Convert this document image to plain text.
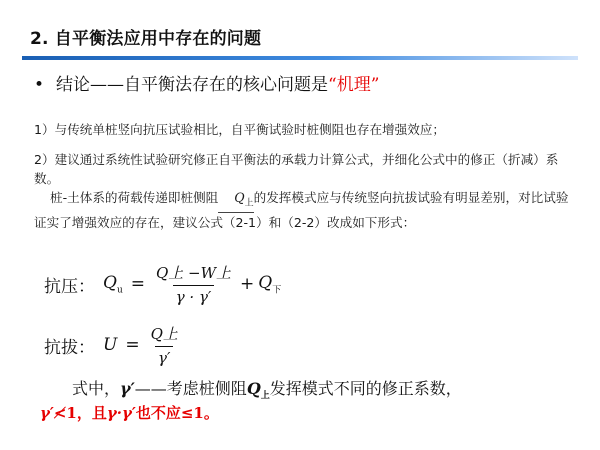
2. 自平衡法应用中存在的问题
• 结论——自平衡法存在的核心问题是“机理”
1）与传统单桩竖向抗压试验相比，自平衡试验时桩侧阻也存在增强效应；
2）建议通过系统性试验研究修正自平衡法的承载力计算公式，并细化公式中的修正（折减）系数。
桩-土体系的荷载传递即桩侧阻 $Q_上$的发挥模式应与传统竖向抗拔试验有明显差别，对比试验证实了增强效应的存在，建议公式（2-1）和（2-2）改成如下形式：
抗压： $Q_u = \frac{\text{Q上 −W上}}{\gamma \cdot \gamma'} + Q_下$
抗拔： $U = \frac{\text{Q上}}{\gamma'}$
式中，γ′——考虑桩侧阻$Q_上$发挥模式不同的修正系数，
γ′≮1，且γ·γ′也不应≤1。
